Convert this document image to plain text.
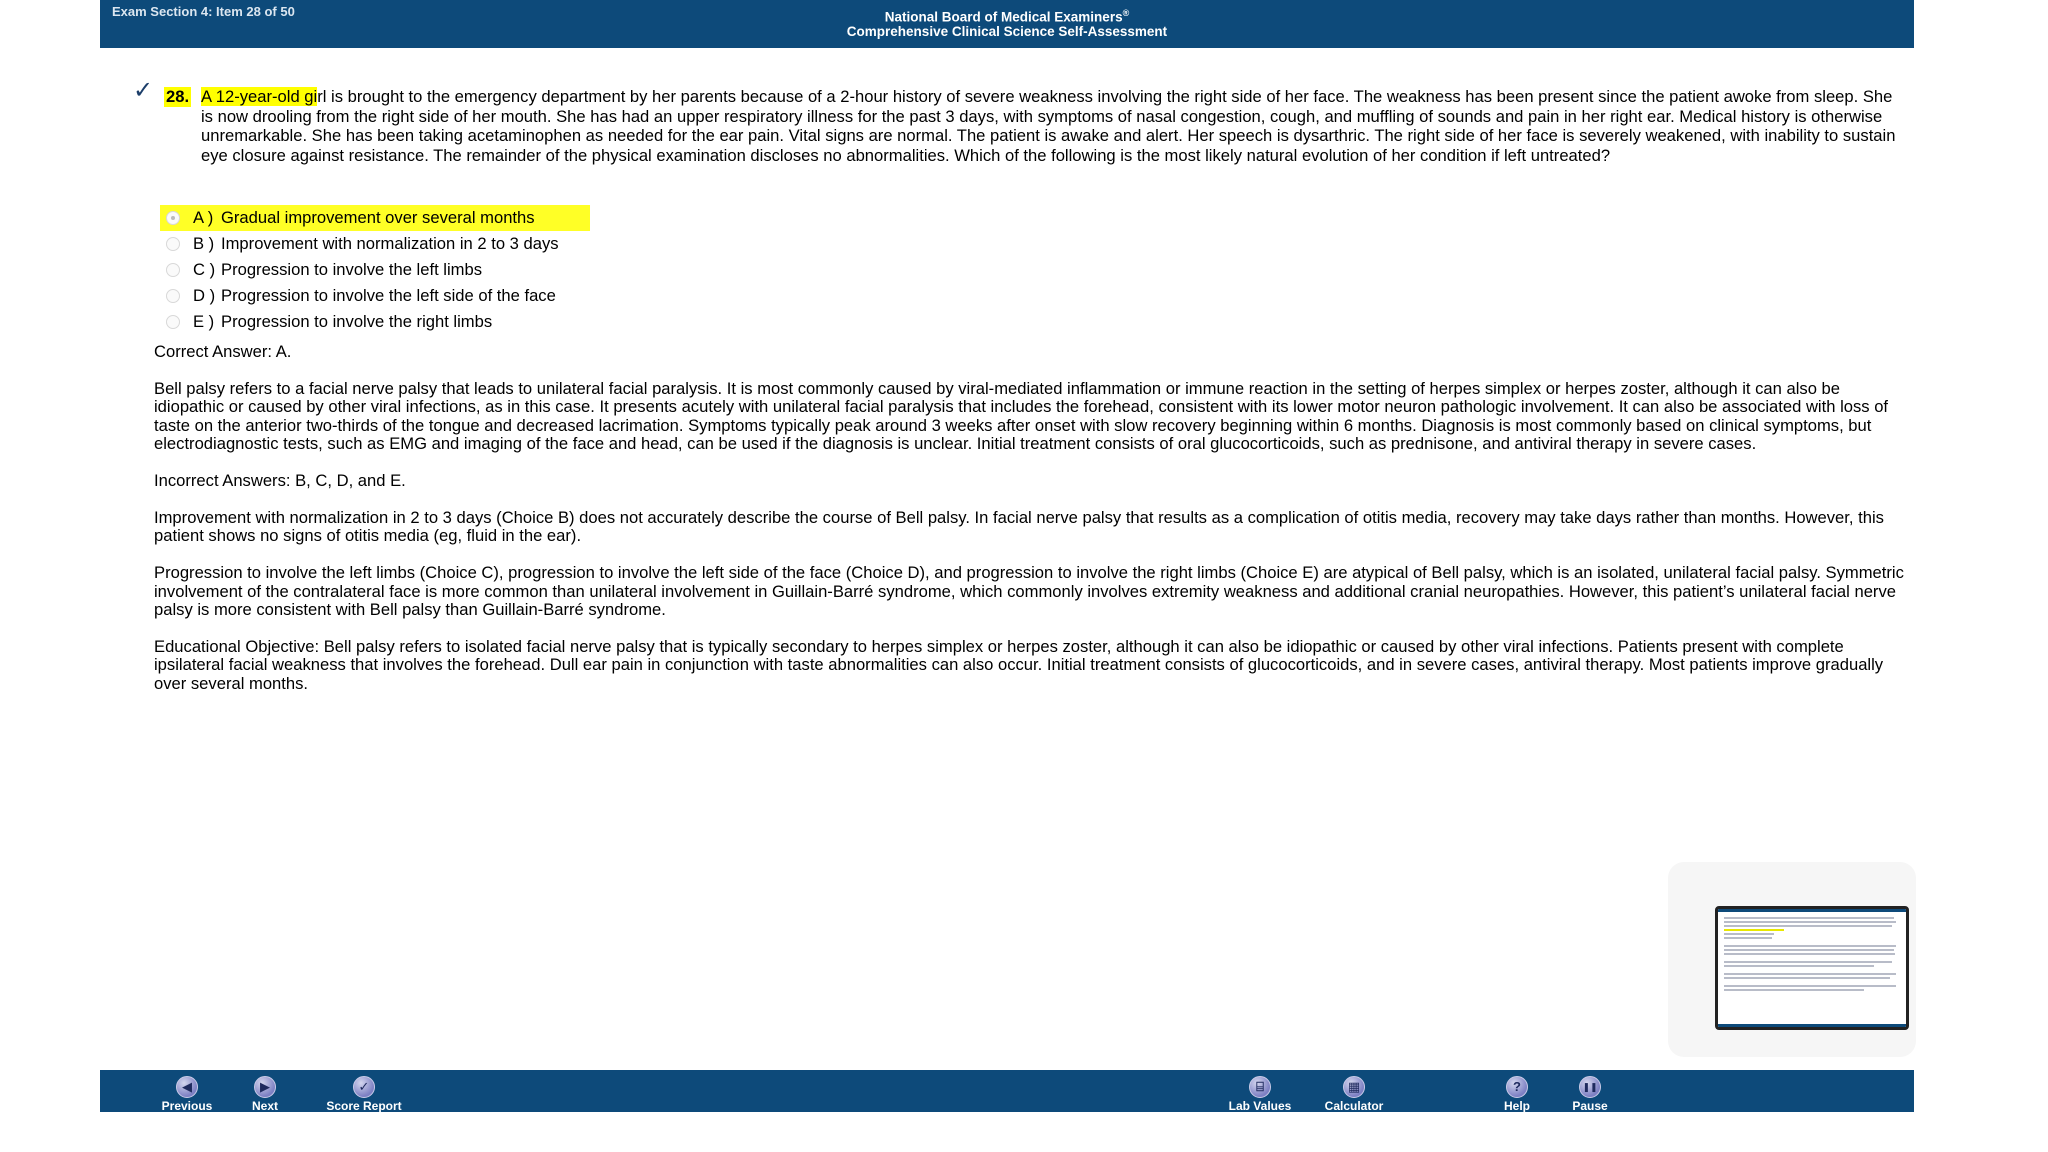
Exam Section 4: Item 28 of 50	National Board of Medical Examiners®
Comprehensive Clinical Science Self-Assessment
✓ 28. A 12-year-old girl is brought to the emergency department by her parents because of a 2-hour history of severe weakness involving the right side of her face. The weakness has been present since the patient awoke from sleep. She is now drooling from the right side of her mouth. She has had an upper respiratory illness for the past 3 days, with symptoms of nasal congestion, cough, and muffling of sounds and pain in her right ear. Medical history is otherwise unremarkable. She has been taking acetaminophen as needed for the ear pain. Vital signs are normal. The patient is awake and alert. Her speech is dysarthric. The right side of her face is severely weakened, with inability to sustain eye closure against resistance. The remainder of the physical examination discloses no abnormalities. Which of the following is the most likely natural evolution of her condition if left untreated?
A ) Gradual improvement over several months
B ) Improvement with normalization in 2 to 3 days
C ) Progression to involve the left limbs
D ) Progression to involve the left side of the face
E ) Progression to involve the right limbs

Correct Answer: A.

Bell palsy refers to a facial nerve palsy that leads to unilateral facial paralysis. It is most commonly caused by viral-mediated inflammation or immune reaction in the setting of herpes simplex or herpes zoster, although it can also be idiopathic or caused by other viral infections, as in this case. It presents acutely with unilateral facial paralysis that includes the forehead, consistent with its lower motor neuron pathologic involvement. It can also be associated with loss of taste on the anterior two-thirds of the tongue and decreased lacrimation. Symptoms typically peak around 3 weeks after onset with slow recovery beginning within 6 months. Diagnosis is most commonly based on clinical symptoms, but electrodiagnostic tests, such as EMG and imaging of the face and head, can be used if the diagnosis is unclear. Initial treatment consists of oral glucocorticoids, such as prednisone, and antiviral therapy in severe cases.

Incorrect Answers: B, C, D, and E.

Improvement with normalization in 2 to 3 days (Choice B) does not accurately describe the course of Bell palsy. In facial nerve palsy that results as a complication of otitis media, recovery may take days rather than months. However, this patient shows no signs of otitis media (eg, fluid in the ear).

Progression to involve the left limbs (Choice C), progression to involve the left side of the face (Choice D), and progression to involve the right limbs (Choice E) are atypical of Bell palsy, which is an isolated, unilateral facial palsy. Symmetric involvement of the contralateral face is more common than unilateral involvement in Guillain-Barré syndrome, which commonly involves extremity weakness and additional cranial neuropathies. However, this patient’s unilateral facial nerve palsy is more consistent with Bell palsy than Guillain-Barré syndrome.

Educational Objective: Bell palsy refers to isolated facial nerve palsy that is typically secondary to herpes simplex or herpes zoster, although it can also be idiopathic or caused by other viral infections. Patients present with complete ipsilateral facial weakness that involves the forehead. Dull ear pain in conjunction with taste abnormalities can also occur. Initial treatment consists of glucocorticoids, and in severe cases, antiviral therapy. Most patients improve gradually over several months.

◀
Previous
▶
Next
✓
Score Report
⌸
Lab Values
▦
Calculator
?
Help
❚❚
Pause
